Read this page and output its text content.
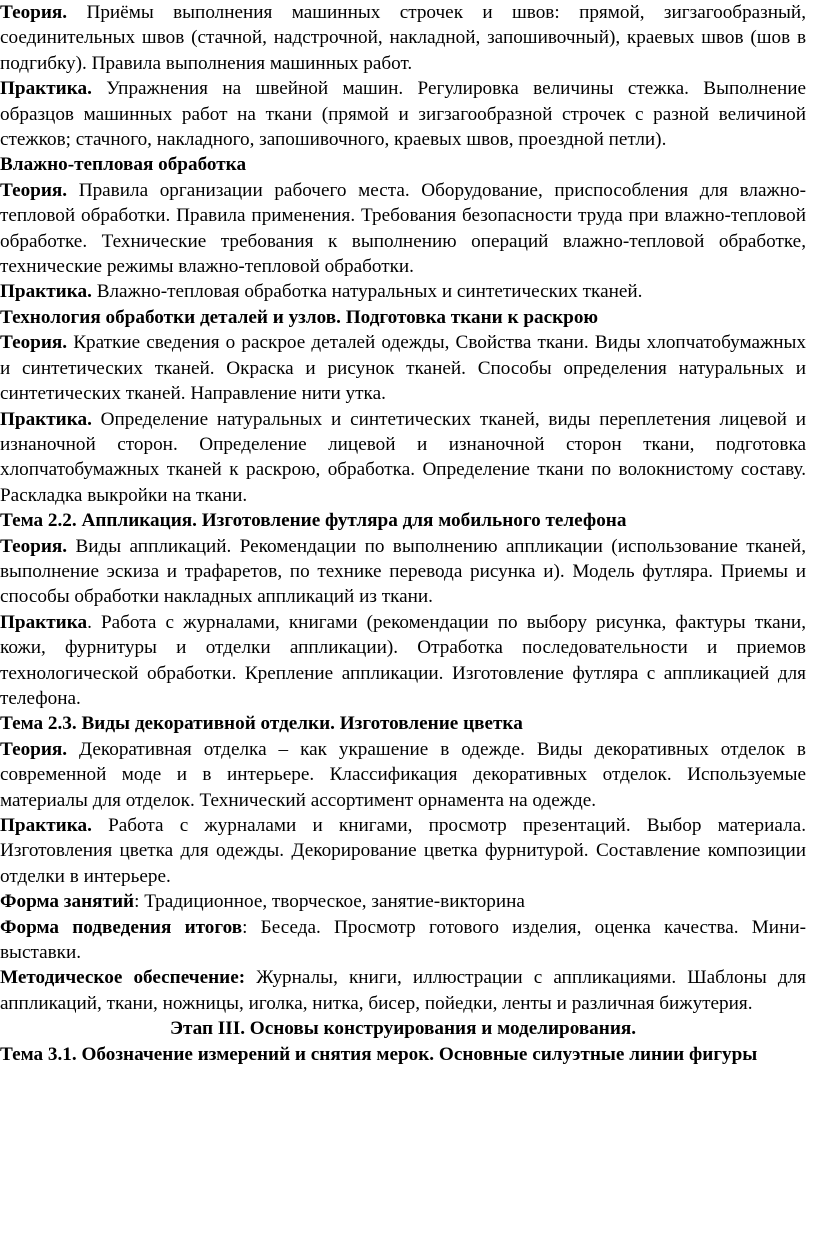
Теория. Приёмы выполнения машинных строчек и швов: прямой, зигзагообразный, соединительных швов (стачной, надстрочной, накладной, запошивочный), краевых швов (шов в подгибку). Правила выполнения машинных работ.

Практика. Упражнения на швейной машин. Регулировка величины стежка. Выполнение образцов машинных работ на ткани (прямой и зигзагообразной строчек с разной величиной стежков; стачного, накладного, запошивочного, краевых швов, проездной петли).

Влажно-тепловая обработка

Теория. Правила организации рабочего места. Оборудование, приспособления для влажно-тепловой обработки. Правила применения. Требования безопасности труда при влажно-тепловой обработке. Технические требования к выполнению операций влажно-тепловой обработке, технические режимы влажно-тепловой обработки.

Практика. Влажно-тепловая обработка натуральных и синтетических тканей.

Технология обработки деталей и узлов. Подготовка ткани к раскрою

Теория. Краткие сведения о раскрое деталей одежды, Свойства ткани. Виды хлопчатобумажных и синтетических тканей. Окраска и рисунок тканей. Способы определения натуральных и синтетических тканей. Направление нити утка.

Практика. Определение натуральных и синтетических тканей, виды переплетения лицевой и изнаночной сторон. Определение лицевой и изнаночной сторон ткани, подготовка хлопчатобумажных тканей к раскрою, обработка. Определение ткани по волокнистому составу. Раскладка выкройки на ткани.

Тема 2.2. Аппликация. Изготовление футляра для мобильного телефона

Теория. Виды аппликаций. Рекомендации по выполнению аппликации (использование тканей, выполнение эскиза и трафаретов, по технике перевода рисунка и). Модель футляра. Приемы и способы обработки накладных аппликаций из ткани.

Практика. Работа с журналами, книгами (рекомендации по выбору рисунка, фактуры ткани, кожи, фурнитуры и отделки аппликации). Отработка последовательности и приемов технологической обработки. Крепление аппликации. Изготовление футляра с аппликацией для телефона.

Тема 2.3. Виды декоративной отделки. Изготовление цветка

Теория. Декоративная отделка – как украшение в одежде. Виды декоративных отделок в современной моде и в интерьере. Классификация декоративных отделок. Используемые материалы для отделок. Технический ассортимент орнамента на одежде.

Практика. Работа с журналами и книгами, просмотр презентаций. Выбор материала. Изготовления цветка для одежды. Декорирование цветка фурнитурой. Составление композиции отделки в интерьере.

Форма занятий: Традиционное, творческое, занятие-викторина

Форма подведения итогов: Беседа. Просмотр готового изделия, оценка качества. Мини-выставки.

Методическое обеспечение: Журналы, книги, иллюстрации с аппликациями. Шаблоны для аппликаций, ткани, ножницы, иголка, нитка, бисер, пойедки, ленты и различная бижутерия.

Этап III. Основы конструирования и моделирования.

Тема 3.1. Обозначение измерений и снятия мерок. Основные силуэтные линии фигуры
